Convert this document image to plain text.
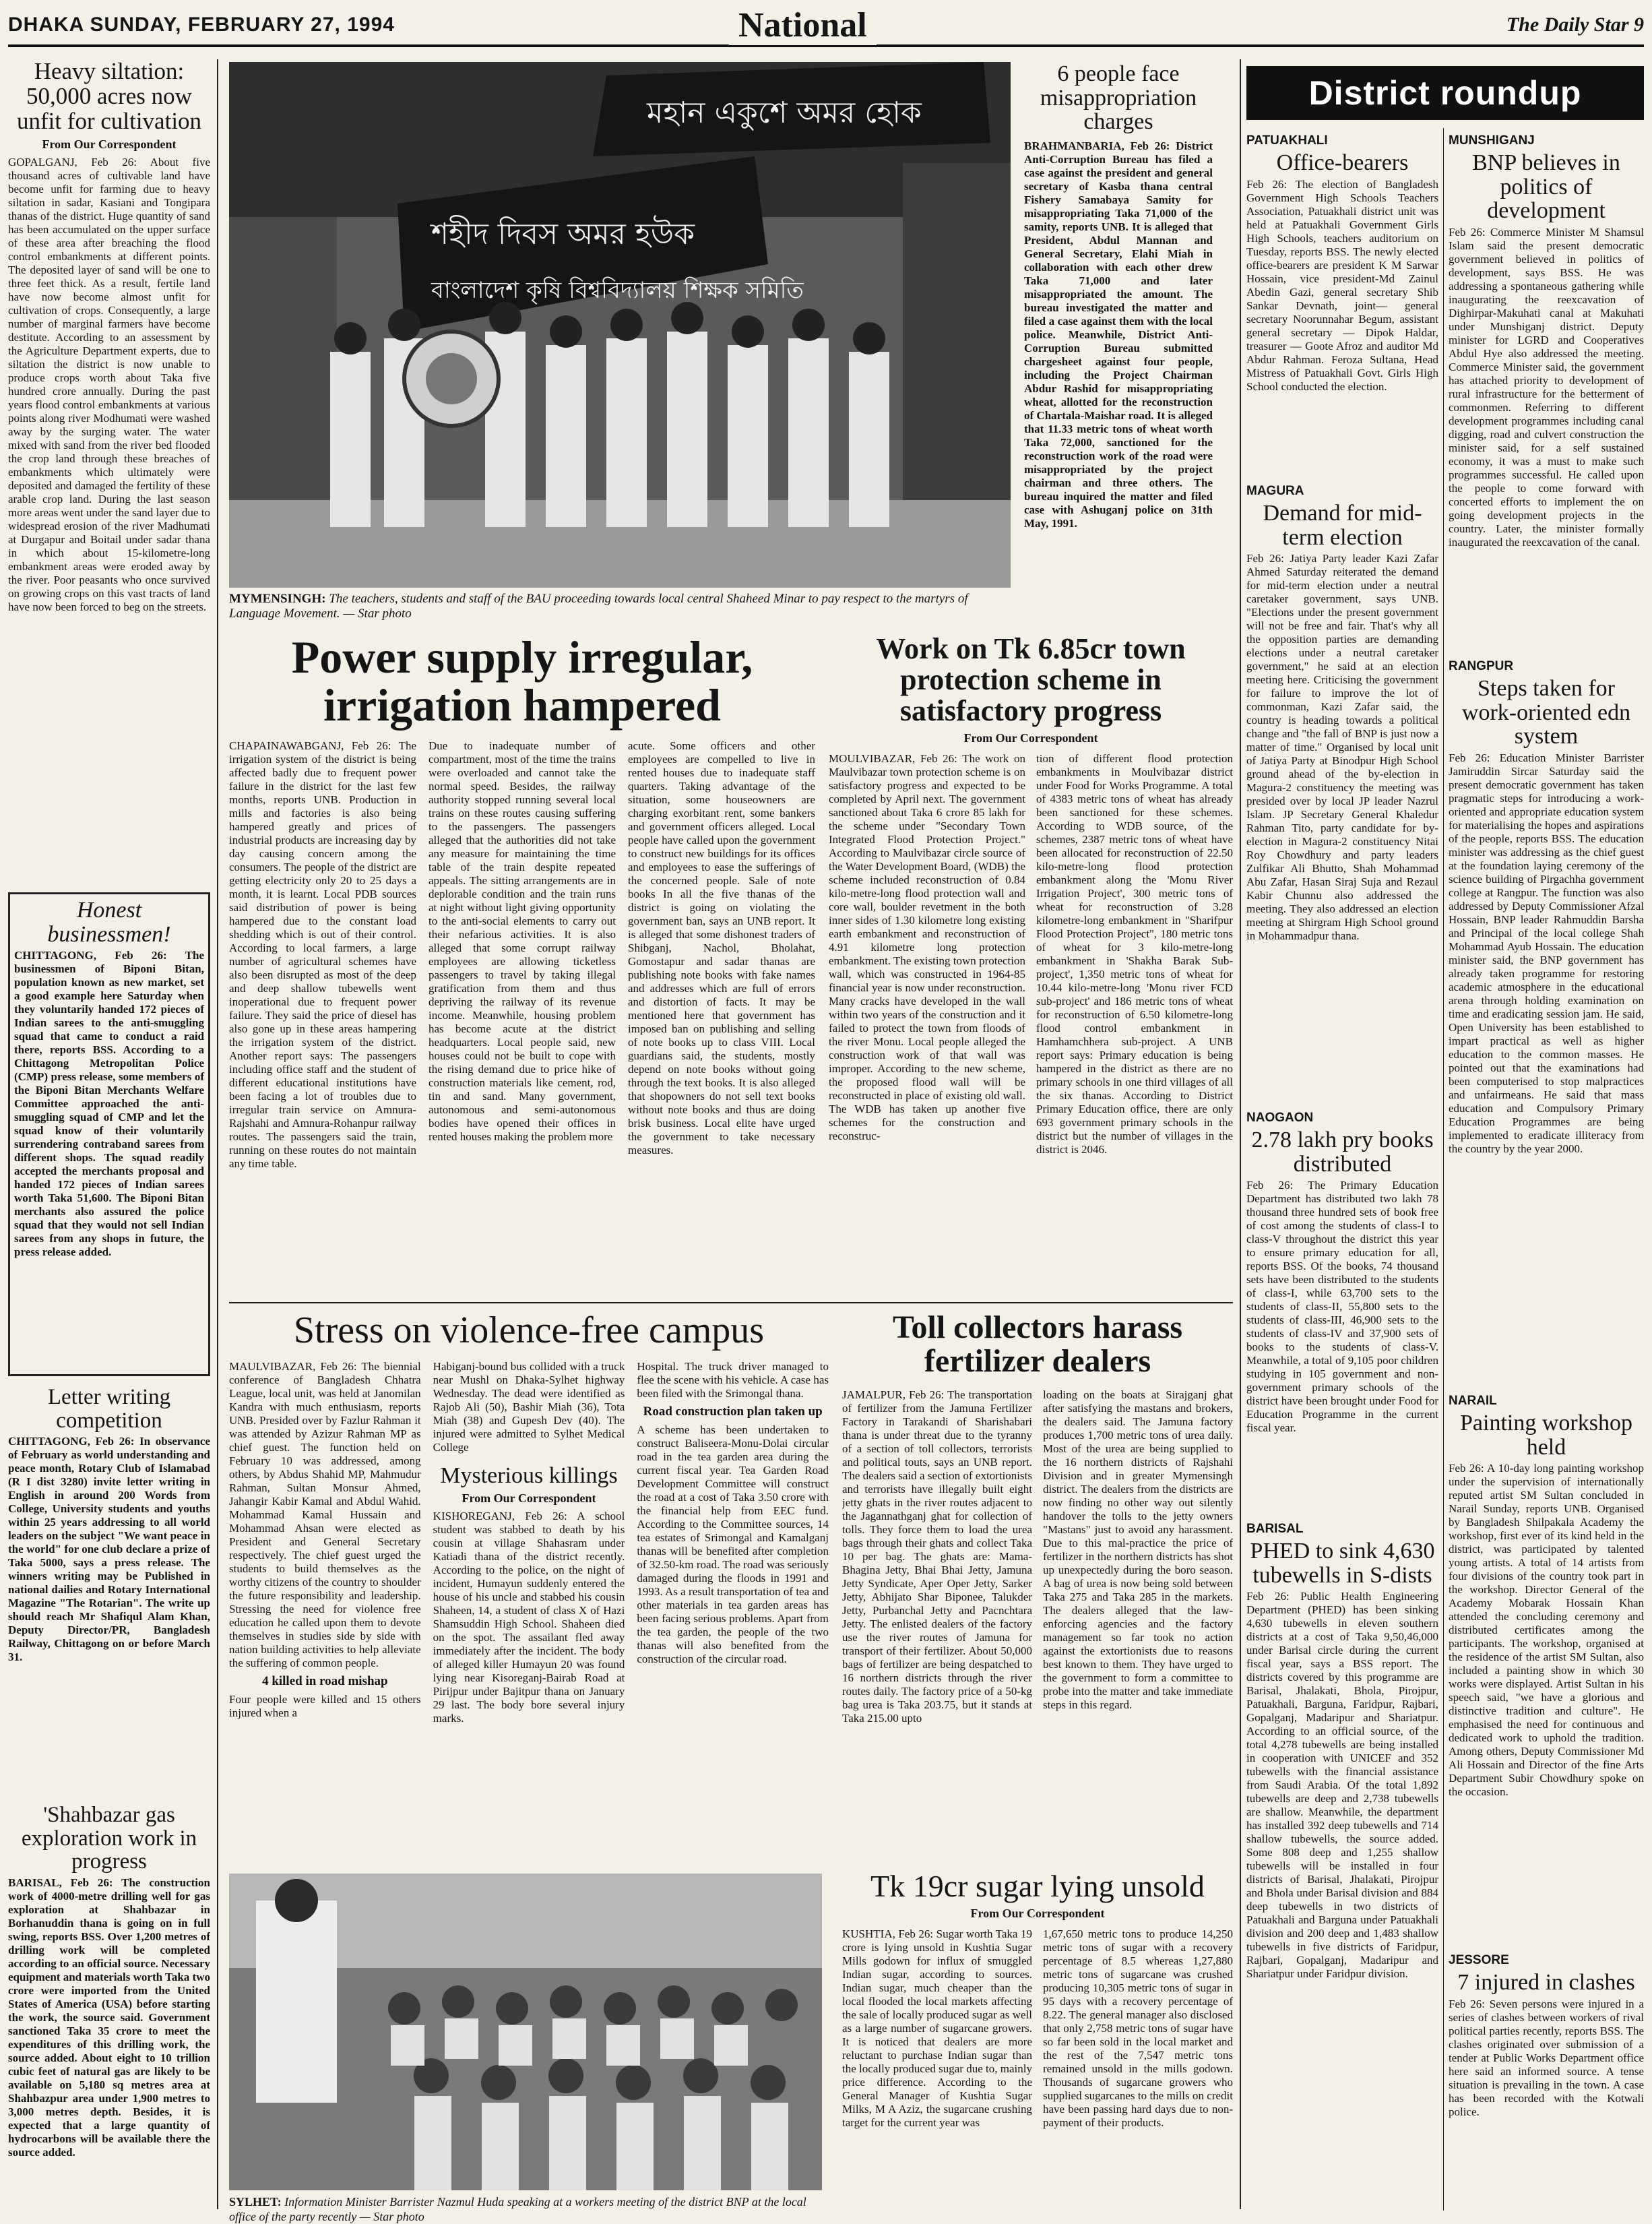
DHAKA SUNDAY, FEBRUARY 27, 1994	National	The Daily Star 9
Heavy siltation: 50,000 acres now unfit for cultivation
From Our Correspondent

GOPALGANJ, Feb 26: About five thousand acres of cultivable land have become unfit for farming due to heavy siltation in sadar, Kasiani and Tongipara thanas of the district. Huge quantity of sand has been accumulated on the upper surface of these area after breaching the flood control embankments at different points. The deposited layer of sand will be one to three feet thick. As a result, fertile land have now become almost unfit for cultivation of crops. Consequently, a large number of marginal farmers have become destitute. According to an assessment by the Agriculture Department experts, due to siltation the district is now unable to produce crops worth about Taka five hundred crore annually. During the past years flood control embankments at various points along river Modhumati were washed away by the surging water. The water mixed with sand from the river bed flooded the crop land through these breaches of embankments which ultimately were deposited and damaged the fertility of these arable crop land. During the last season more areas went under the sand layer due to widespread erosion of the river Madhumati at Durgapur and Boitail under sadar thana in which about 15-kilometre-long embankment areas were eroded away by the river. Poor peasants who once survived on growing crops on this vast tracts of land have now been forced to beg on the streets.

Honest businessmen!

CHITTAGONG, Feb 26: The businessmen of Biponi Bitan, population known as new market, set a good example here Saturday when they voluntarily handed 172 pieces of Indian sarees to the anti-smuggling squad that came to conduct a raid there, reports BSS. According to a Chittagong Metropolitan Police (CMP) press release, some members of the Biponi Bitan Merchants Welfare Committee approached the anti-smuggling squad of CMP and let the squad know of their voluntarily surrendering contraband sarees from different shops. The squad readily accepted the merchants proposal and handed 172 pieces of Indian sarees worth Taka 51,600. The Biponi Bitan merchants also assured the police squad that they would not sell Indian sarees from any shops in future, the press release added.

Letter writing competition

CHITTAGONG, Feb 26: In observance of February as world understanding and peace month, Rotary Club of Islamabad (R I dist 3280) invite letter writing in English in around 200 Words from College, University students and youths within 25 years addressing to all world leaders on the subject "We want peace in the world" for one club declare a prize of Taka 5000, says a press release. The winners writing may be Published in national dailies and Rotary International Magazine "The Rotarian". The write up should reach Mr Shafiqul Alam Khan, Deputy Director/PR, Bangladesh Railway, Chittagong on or before March 31.

'Shahbazar gas exploration work in progress

BARISAL, Feb 26: The construction work of 4000-metre drilling well for gas exploration at Shahbazar in Borhanuddin thana is going on in full swing, reports BSS. Over 1,200 metres of drilling work will be completed according to an official source. Necessary equipment and materials worth Taka two crore were imported from the United States of America (USA) before starting the work, the source said. Government sanctioned Taka 35 crore to meet the expenditures of this drilling work, the source added. About eight to 10 trillion cubic feet of natural gas are likely to be available on 5,180 sq metres area at Shahbazpur area under 1,900 metres to 3,000 metres depth. Besides, it is expected that a large quantity of hydrocarbons will be available there the source added.

মহান একুশে অমর হোক
শহীদ দিবস অমর হউক
বাংলাদেশ কৃষি বিশ্ববিদ্যালয় শিক্ষক সমিতি
MYMENSINGH: The teachers, students and staff of the BAU proceeding towards local central Shaheed Minar to pay respect to the martyrs of Language Movement. — Star photo
6 people face misappropriation charges

BRAHMANBARIA, Feb 26: District Anti-Corruption Bureau has filed a case against the president and general secretary of Kasba thana central Fishery Samabaya Samity for misappropriating Taka 71,000 of the samity, reports UNB. It is alleged that President, Abdul Mannan and General Secretary, Elahi Miah in collaboration with each other drew Taka 71,000 and later misappropriated the amount. The bureau investigated the matter and filed a case against them with the local police. Meanwhile, District Anti-Corruption Bureau submitted chargesheet against four people, including the Project Chairman Abdur Rashid for misappropriating wheat, allotted for the reconstruction of Chartala-Maishar road. It is alleged that 11.33 metric tons of wheat worth Taka 72,000, sanctioned for the reconstruction work of the road were misappropriated by the project chairman and three others. The bureau inquired the matter and filed case with Ashuganj police on 31th May, 1991.

Power supply irregular, irrigation hampered

CHAPAINAWABGANJ, Feb 26: The irrigation system of the district is being affected badly due to frequent power failure in the district for the last few months, reports UNB. Production in mills and factories is also being hampered greatly and prices of industrial products are increasing day by day causing concern among the consumers. The people of the district are getting electricity only 20 to 25 days a month, it is learnt. Local PDB sources said distribution of power is being hampered due to the constant load shedding which is out of their control. According to local farmers, a large number of agricultural schemes have also been disrupted as most of the deep and deep shallow tubewells went inoperational due to frequent power failure. They said the price of diesel has also gone up in these areas hampering the irrigation system of the district. Another report says: The passengers including office staff and the student of different educational institutions have been facing a lot of troubles due to irregular train service on Amnura-Rajshahi and Amnura-Rohanpur railway routes. The passengers said the train, running on these routes do not maintain any time table.

Due to inadequate number of compartment, most of the time the trains were overloaded and cannot take the normal speed. Besides, the railway authority stopped running several local trains on these routes causing suffering to the passengers. The passengers alleged that the authorities did not take any measure for maintaining the time table of the train despite repeated appeals. The sitting arrangements are in deplorable condition and the train runs at night without light giving opportunity to the anti-social elements to carry out their nefarious activities. It is also alleged that some corrupt railway employees are allowing ticketless passengers to travel by taking illegal gratification from them and thus depriving the railway of its revenue income. Meanwhile, housing problem has become acute at the district headquarters. Local people said, new houses could not be built to cope with the rising demand due to price hike of construction materials like cement, rod, tin and sand. Many government, autonomous and semi-autonomous bodies have opened their offices in rented houses making the problem more

acute. Some officers and other employees are compelled to live in rented houses due to inadequate staff quarters. Taking advantage of the situation, some houseowners are charging exorbitant rent, some bankers and government officers alleged. Local people have called upon the government to construct new buildings for its offices and employees to ease the sufferings of the concerned people. Sale of note books In all the five thanas of the district is going on violating the government ban, says an UNB report. It is alleged that some dishonest traders of Shibganj, Nachol, Bholahat, Gomostapur and sadar thanas are publishing note books with fake names and addresses which are full of errors and distortion of facts. It may be mentioned here that government has imposed ban on publishing and selling of note books up to class VIII. Local guardians said, the students, mostly depend on note books without going through the text books. It is also alleged that shopowners do not sell text books without note books and thus are doing brisk business. Local elite have urged the government to take necessary measures.

Work on Tk 6.85cr town protection scheme in satisfactory progress
From Our Correspondent

MOULVIBAZAR, Feb 26: The work on Maulvibazar town protection scheme is on satisfactory progress and expected to be completed by April next. The government sanctioned about Taka 6 crore 85 lakh for the scheme under "Secondary Town Integrated Flood Protection Project." According to Maulvibazar circle source of the Water Development Board, (WDB) the scheme included reconstruction of 0.84 kilo-metre-long flood protection wall and core wall, boulder revetment in the both inner sides of 1.30 kilometre long existing earth embankment and reconstruction of 4.91 kilometre long protection embankment. The existing town protection wall, which was constructed in 1964-85 financial year is now under reconstruction. Many cracks have developed in the wall within two years of the construction and it failed to protect the town from floods of the river Monu. Local people alleged the construction work of that wall was improper. According to the new scheme, the proposed flood wall will be reconstructed in place of existing old wall. The WDB has taken up another five schemes for the construction and reconstruc-

tion of different flood protection embankments in Moulvibazar district under Food for Works Programme. A total of 4383 metric tons of wheat has already been sanctioned for these schemes. According to WDB source, of the schemes, 2387 metric tons of wheat have been allocated for reconstruction of 22.50 kilo-metre-long flood protection embankment along the 'Monu River Irrigation Project', 300 metric tons of wheat for reconstruction of 3.28 kilometre-long embankment in "Sharifpur Flood Protection Project", 180 metric tons of wheat for 3 kilo-metre-long embankment in 'Shakha Barak Sub-project', 1,350 metric tons of wheat for 10.44 kilo-metre-long 'Monu river FCD sub-project' and 186 metric tons of wheat for reconstruction of 6.50 kilometre-long flood control embankment in Hamhamchhera sub-project. A UNB report says: Primary education is being hampered in the district as there are no primary schools in one third villages of all the six thanas. According to District Primary Education office, there are only 693 government primary schools in the district but the number of villages in the district is 2046.

Stress on violence-free campus

MAULVIBAZAR, Feb 26: The biennial conference of Bangladesh Chhatra League, local unit, was held at Janomilan Kandra with much enthusiasm, reports UNB. Presided over by Fazlur Rahman it was attended by Azizur Rahman MP as chief guest. The function held on February 10 was addressed, among others, by Abdus Shahid MP, Mahmudur Rahman, Sultan Monsur Ahmed, Jahangir Kabir Kamal and Abdul Wahid. Mohammad Kamal Hussain and Mohammad Ahsan were elected as President and General Secretary respectively. The chief guest urged the students to build themselves as the worthy citizens of the country to shoulder the future responsibility and leadership. Stressing the need for violence free education he called upon them to devote themselves in studies side by side with nation building activities to help alleviate the suffering of common people.

4 killed in road mishap

Four people were killed and 15 others injured when a

Habiganj-bound bus collided with a truck near Mushl on Dhaka-Sylhet highway Wednesday. The dead were identified as Rajob Ali (50), Bashir Miah (36), Tota Miah (38) and Gupesh Dev (40). The injured were admitted to Sylhet Medical College

Mysterious killings
From Our Correspondent

KISHOREGANJ, Feb 26: A school student was stabbed to death by his cousin at village Shahasram under Katiadi thana of the district recently. According to the police, on the night of incident, Humayun suddenly entered the house of his uncle and stabbed his cousin Shaheen, 14, a student of class X of Hazi Shamsuddin High School. Shaheen died on the spot. The assailant fled away immediately after the incident. The body of alleged killer Humayun 20 was found lying near Kisoreganj-Bairab Road at Pirijpur under Bajitpur thana on January 29 last. The body bore several injury marks.

Hospital. The truck driver managed to flee the scene with his vehicle. A case has been filed with the Srimongal thana.

Road construction plan taken up

A scheme has been undertaken to construct Baliseera-Monu-Dolai circular road in the tea garden area during the current fiscal year. Tea Garden Road Development Committee will construct the road at a cost of Taka 3.50 crore with the financial help from EEC fund. According to the Committee sources, 14 tea estates of Srimongal and Kamalganj thanas will be benefited after completion of 32.50-km road. The road was seriously damaged during the floods in 1991 and 1993. As a result transportation of tea and other materials in tea garden areas has been facing serious problems. Apart from the tea garden, the people of the two thanas will also benefited from the construction of the circular road.

Toll collectors harass fertilizer dealers

JAMALPUR, Feb 26: The transportation of fertilizer from the Jamuna Fertilizer Factory in Tarakandi of Sharishabari thana is under threat due to the tyranny of a section of toll collectors, terrorists and political touts, says an UNB report. The dealers said a section of extortionists and terrorists have illegally built eight jetty ghats in the river routes adjacent to the Jagannathganj ghat for collection of tolls. They force them to load the urea bags through their ghats and collect Taka 10 per bag. The ghats are: Mama-Bhagina Jetty, Bhai Bhai Jetty, Jamuna Jetty Syndicate, Aper Oper Jetty, Sarker Jetty, Abhijato Shar Biponee, Talukder Jetty, Purbanchal Jetty and Pacnchtara Jetty. The enlisted dealers of the factory use the river routes of Jamuna for transport of their fertilizer. About 50,000 bags of fertilizer are being despatched to 16 northern districts through the river routes daily. The factory price of a 50-kg bag urea is Taka 203.75, but it stands at Taka 215.00 upto

loading on the boats at Sirajganj ghat after satisfying the mastans and brokers, the dealers said. The Jamuna factory produces 1,700 metric tons of urea daily. Most of the urea are being supplied to the 16 northern districts of Rajshahi Division and in greater Mymensingh district. The dealers from the districts are now finding no other way out silently handover the tolls to the jetty owners "Mastans" just to avoid any harassment. Due to this mal-practice the price of fertilizer in the northern districts has shot up unexpectedly during the boro season. A bag of urea is now being sold between Taka 275 and Taka 285 in the markets. The dealers alleged that the law-enforcing agencies and the factory management so far took no action against the extortionists due to reasons best known to them. They have urged to the government to form a committee to probe into the matter and take immediate steps in this regard.

SYLHET: Information Minister Barrister Nazmul Huda speaking at a workers meeting of the district BNP at the local office of the party recently — Star photo
Tk 19cr sugar lying unsold
From Our Correspondent

KUSHTIA, Feb 26: Sugar worth Taka 19 crore is lying unsold in Kushtia Sugar Mills godown for influx of smuggled Indian sugar, according to sources. Indian sugar, much cheaper than the local flooded the local markets affecting the sale of locally produced sugar as well as a large number of sugarcane growers. It is noticed that dealers are more reluctant to purchase Indian sugar than the locally produced sugar due to, mainly price difference. According to the General Manager of Kushtia Sugar Milks, M A Aziz, the sugarcane crushing target for the current year was

1,67,650 metric tons to produce 14,250 metric tons of sugar with a recovery percentage of 8.5 whereas 1,27,880 metric tons of sugarcane was crushed producing 10,305 metric tons of sugar in 95 days with a recovery percentage of 8.22. The general manager also disclosed that only 2,758 metric tons of sugar have so far been sold in the local market and the rest of the 7,547 metric tons remained unsold in the mills godown. Thousands of sugarcane growers who supplied sugarcanes to the mills on credit have been passing hard days due to non-payment of their products.

District roundup
PATUAKHALI
Office-bearers

Feb 26: The election of Bangladesh Government High Schools Teachers Association, Patuakhali district unit was held at Patuakhali Government Girls High Schools, teachers auditorium on Tuesday, reports BSS. The newly elected office-bearers are president K M Sarwar Hossain, vice president-Md Zainul Abedin Gazi, general secretary Shib Sankar Devnath, joint— general secretary Noorunnahar Begum, assistant general secretary — Dipok Haldar, treasurer — Goote Afroz and auditor Md Abdur Rahman. Feroza Sultana, Head Mistress of Patuakhali Govt. Girls High School conducted the election.

MAGURA
Demand for mid-term election

Feb 26: Jatiya Party leader Kazi Zafar Ahmed Saturday reiterated the demand for mid-term election under a neutral caretaker government, says UNB. "Elections under the present government will not be free and fair. That's why all the opposition parties are demanding elections under a neutral caretaker government," he said at an election meeting here. Criticising the government for failure to improve the lot of commonman, Kazi Zafar said, the country is heading towards a political change and "the fall of BNP is just now a matter of time." Organised by local unit of Jatiya Party at Binodpur High School ground ahead of the by-election in Magura-2 constituency the meeting was presided over by local JP leader Nazrul Islam. JP Secretary General Khaledur Rahman Tito, party candidate for by-election in Magura-2 constituency Nitai Roy Chowdhury and party leaders Zulfikar Ali Bhutto, Shah Mohammad Abu Zafar, Hasan Siraj Suja and Rezaul Kabir Chunnu also addressed the meeting. They also addressed an election meeting at Shirgram High School ground in Mohammadpur thana.

NAOGAON
2.78 lakh pry books distributed

Feb 26: The Primary Education Department has distributed two lakh 78 thousand three hundred sets of book free of cost among the students of class-I to class-V throughout the district this year to ensure primary education for all, reports BSS. Of the books, 74 thousand sets have been distributed to the students of class-I, while 63,700 sets to the students of class-II, 55,800 sets to the students of class-III, 46,900 sets to the students of class-IV and 37,900 sets of books to the students of class-V. Meanwhile, a total of 9,105 poor children studying in 105 government and non-government primary schools of the district have been brought under Food for Education Programme in the current fiscal year.

BARISAL
PHED to sink 4,630 tubewells in S-dists

Feb 26: Public Health Engineering Department (PHED) has been sinking 4,630 tubewells in eleven southern districts at a cost of Taka 9,50,46,000 under Barisal circle during the current fiscal year, says a BSS report. The districts covered by this programme are Barisal, Jhalakati, Bhola, Pirojpur, Patuakhali, Barguna, Faridpur, Rajbari, Gopalganj, Madaripur and Shariatpur. According to an official source, of the total 4,278 tubewells are being installed in cooperation with UNICEF and 352 tubewells with the financial assistance from Saudi Arabia. Of the total 1,892 tubewells are deep and 2,738 tubewells are shallow. Meanwhile, the department has installed 392 deep tubewells and 714 shallow tubewells, the source added. Some 808 deep and 1,255 shallow tubewells will be installed in four districts of Barisal, Jhalakati, Pirojpur and Bhola under Barisal division and 884 deep tubewells in two districts of Patuakhali and Barguna under Patuakhali division and 200 deep and 1,483 shallow tubewells in five districts of Faridpur, Rajbari, Gopalganj, Madaripur and Shariatpur under Faridpur division.

MUNSHIGANJ
BNP believes in politics of development

Feb 26: Commerce Minister M Shamsul Islam said the present democratic government believed in politics of development, says BSS. He was addressing a spontaneous gathering while inaugurating the reexcavation of Dighirpar-Makuhati canal at Makuhati under Munshiganj district. Deputy minister for LGRD and Cooperatives Abdul Hye also addressed the meeting. Commerce Minister said, the government has attached priority to development of rural infrastructure for the betterment of commonmen. Referring to different development programmes including canal digging, road and culvert construction the minister said, for a self sustained economy, it was a must to make such programmes successful. He called upon the people to come forward with concerted efforts to implement the on going development projects in the country. Later, the minister formally inaugurated the reexcavation of the canal.

RANGPUR
Steps taken for work-oriented edn system

Feb 26: Education Minister Barrister Jamiruddin Sircar Saturday said the present democratic government has taken pragmatic steps for introducing a work-oriented and appropriate education system for materialising the hopes and aspirations of the people, reports BSS. The education minister was addressing as the chief guest at the foundation laying ceremony of the science building of Pirgachha government college at Rangpur. The function was also addressed by Deputy Commissioner Afzal Hossain, BNP leader Rahmuddin Barsha and Principal of the local college Shah Mohammad Ayub Hossain. The education minister said, the BNP government has already taken programme for restoring academic atmosphere in the educational arena through holding examination on time and eradicating session jam. He said, Open University has been established to impart practical as well as higher education to the common masses. He pointed out that the examinations had been computerised to stop malpractices and unfairmeans. He said that mass education and Compulsory Primary Education Programmes are being implemented to eradicate illiteracy from the country by the year 2000.

NARAIL
Painting workshop held

Feb 26: A 10-day long painting workshop under the supervision of internationally reputed artist SM Sultan concluded in Narail Sunday, reports UNB. Organised by Bangladesh Shilpakala Academy the workshop, first ever of its kind held in the district, was participated by talented young artists. A total of 14 artists from four divisions of the country took part in the workshop. Director General of the Academy Mobarak Hossain Khan attended the concluding ceremony and distributed certificates among the participants. The workshop, organised at the residence of the artist SM Sultan, also included a painting show in which 30 works were displayed. Artist Sultan in his speech said, "we have a glorious and distinctive tradition and culture". He emphasised the need for continuous and dedicated work to uphold the tradition. Among others, Deputy Commissioner Md Ali Hossain and Director of the fine Arts Department Subir Chowdhury spoke on the occasion.

JESSORE
7 injured in clashes

Feb 26: Seven persons were injured in a series of clashes between workers of rival political parties recently, reports BSS. The clashes originated over submission of a tender at Public Works Department office here said an informed source. A tense situation is prevailing in the town. A case has been recorded with the Kotwali police.
